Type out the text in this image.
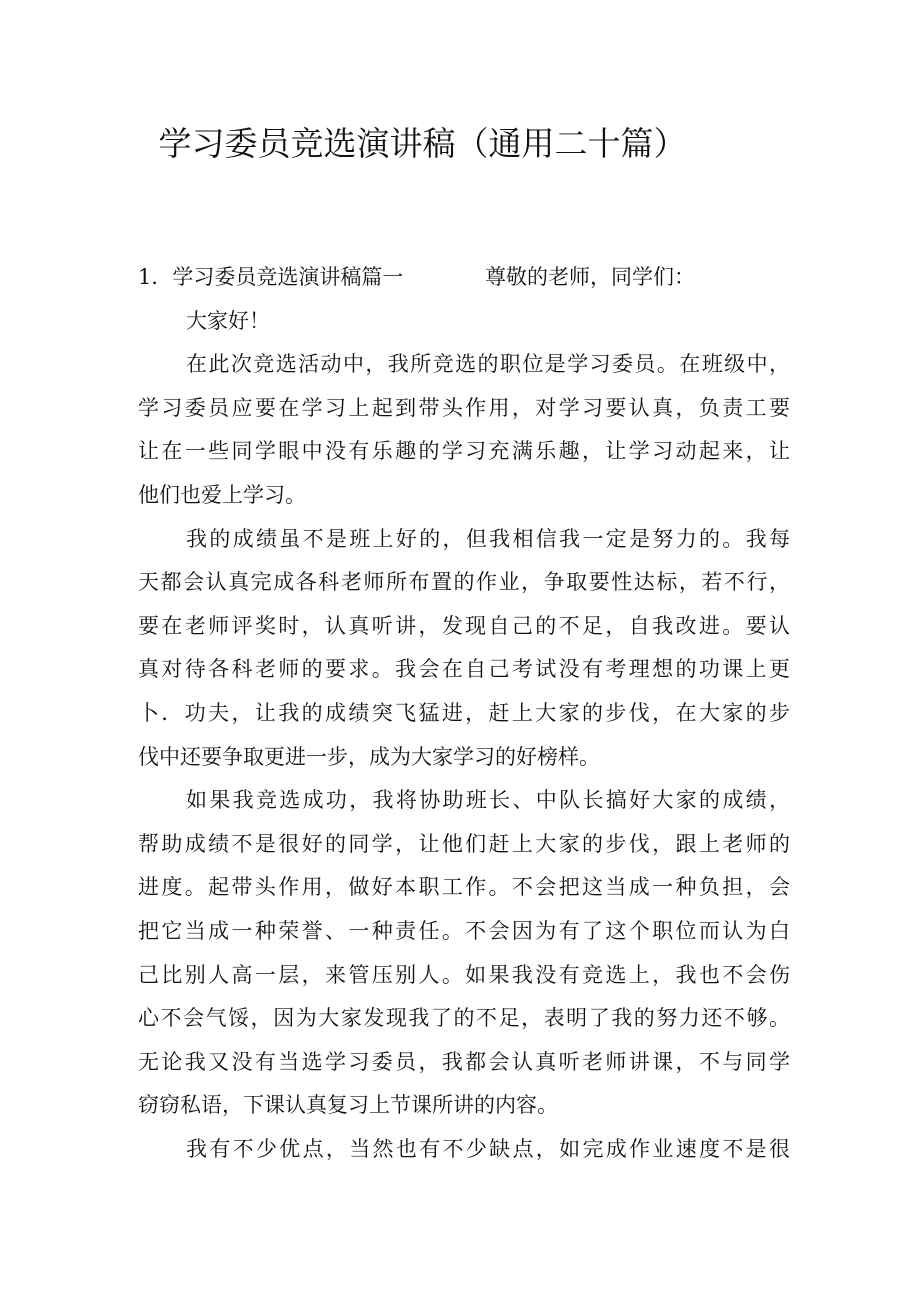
学习委员竞选演讲稿（通用二十篇）
1．学习委员竞选演讲稿篇一	尊敬的老师，同学们：
大家好！
在此次竞选活动中，我所竞选的职位是学习委员。在班级中，
学习委员应要在学习上起到带头作用，对学习要认真，负责工要
让在一些同学眼中没有乐趣的学习充满乐趣，让学习动起来，让
他们也爱上学习。
我的成绩虽不是班上好的，但我相信我一定是努力的。我每
天都会认真完成各科老师所布置的作业，争取要性达标，若不行，
要在老师评奖时，认真听讲，发现自己的不足，自我改进。要认
真对待各科老师的要求。我会在自己考试没有考理想的功课上更
卜．功夫，让我的成绩突飞猛进，赶上大家的步伐，在大家的步
伐中还要争取更进一步，成为大家学习的好榜样。
如果我竞选成功，我将协助班长、中队长搞好大家的成绩，
帮助成绩不是很好的同学，让他们赶上大家的步伐，跟上老师的
进度。起带头作用，做好本职工作。不会把这当成一种负担，会
把它当成一种荣誉、一种责任。不会因为有了这个职位而认为白
己比别人高一层，来管压别人。如果我没有竞选上，我也不会伤
心不会气馁，因为大家发现我了的不足，表明了我的努力还不够。
无论我又没有当选学习委员，我都会认真听老师讲课，不与同学
窃窃私语，下课认真复习上节课所讲的内容。
我有不少优点，当然也有不少缺点，如完成作业速度不是很
